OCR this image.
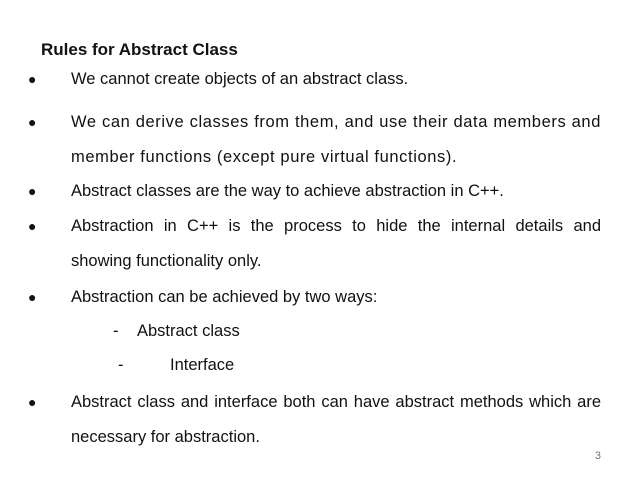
Rules for Abstract Class
●	We cannot create objects of an abstract class.
●	We can derive classes from them, and use their data members and member functions (except pure virtual functions).
●	Abstract classes are the way to achieve abstraction in C++.
●	Abstraction in C++ is the process to hide the internal details and showing functionality only.
●	Abstraction can be achieved by two ways:
- Abstract class
-	Interface
●	Abstract class and interface both can have abstract methods which are necessary for abstraction.
3
